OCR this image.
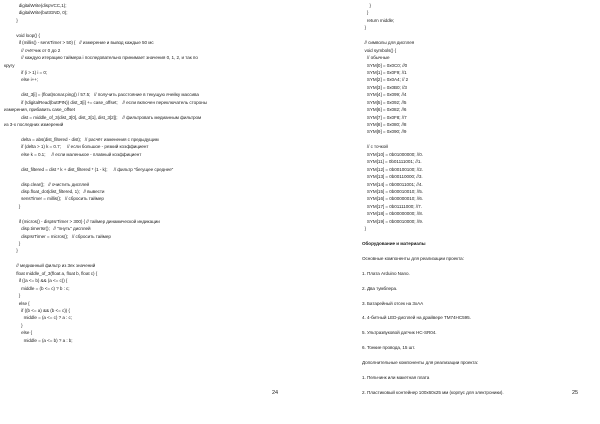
digitalWrite(dispVCC,1);
digitalWrite(buttGND, 0);
}
void loop() {
if (millis() - sensTimer > 50) {   // измерение и вывод каждые 50 мс
// счётчик от 0 до 2
// каждую итерацию таймера i последовательно принимает значения 0, 1, 2, и так по
кругу
if (i > 1) i = 0;
else i++;
dist_3[i] = (float)sonar.ping() / 57.5;   // получить расстояние в текущую ячейку массива
if (!digitalRead(buttPIN)) dist_3[i] += case_offset;    // если включен переключатель стороны
измерения, прибавить case_offset
dist = middle_of_3(dist_3[0], dist_3[1], dist_3[2]);    // фильтровать медианным фильтром
из 3-х последних измерений
delta = abs(dist_filtered - dist);   // расчёт изменения с предыдущим
if (delta > 1) k = 0.7;     // если большое - резкий коэффициент
else k = 0.1;     // если маленькое - плавный коэффициент
dist_filtered = dist * k + dist_filtered * (1 - k);     // фильтр "бегущее среднее"
disp.clear();   // очистить дисплей
disp.float_dot(dist_filtered, 1);   // вывести
sensTimer = millis();   // сбросить таймер
}
if (micros() - dispIsrTimer > 300) { // таймер динамической индикации
disp.timerIsr();   // "пнуть" дисплей
dispIsrTimer = micros();   // сбросить таймер
}
}
// медианный фильтр из 3ех значений
float middle_of_3(float a, float b, float c) {
if ((a <= b) && (a <= c)) {
middle = (b <= c) ? b : c;
}
else {
if ((b <= a) && (b <= c)) {
middle = (a <= c) ? a : c;
}
else {
middle = (a <= b) ? a : b;
24
}
}
return middle;
}
// символы для дисплея
void symbols() {
// обычные
SYM[0] = 0x0C0; //0
SYM[1] = 0x0F9; //1
SYM[2] = 0x0A4; // 2
SYM[3] = 0x0B0; //3
SYM[4] = 0x099; //4
SYM[5] = 0x092; //5
SYM[6] = 0x082; //6
SYM[7] = 0x0F8; //7
SYM[8] = 0x080; //8
SYM[9] = 0x090; //9
// с точкой
SYM[10] = 0b01000000; //0.
SYM[11] = 0b01111001; //1.
SYM[12] = 0b00100100; //2.
SYM[13] = 0b00110000; //3.
SYM[14] = 0b00011001; //4.
SYM[15] = 0b00010010; //5.
SYM[16] = 0b00000010; //6.
SYM[17] = 0b01111000; //7.
SYM[18] = 0b00000000; //8.
SYM[19] = 0b00010000; //9.
}
Оборудование и материалы
Основные компоненты для реализации проекта:
1. Плата Arduino Nano.
2. Два тумблера.
3. Батарейный отсек на 3хАА
4. 4-битный LED-дисплей на драйвере TM74HC595.
5. Ультразвуковой датчик HC-SR04.
6. Тонкие провода, 15 шт.
Дополнительные компоненты для реализации проекта:
1. Пельчинк или макетная плата
2. Пластиковый контейнер 100x60x25 мм (корпус для электроники).	25
